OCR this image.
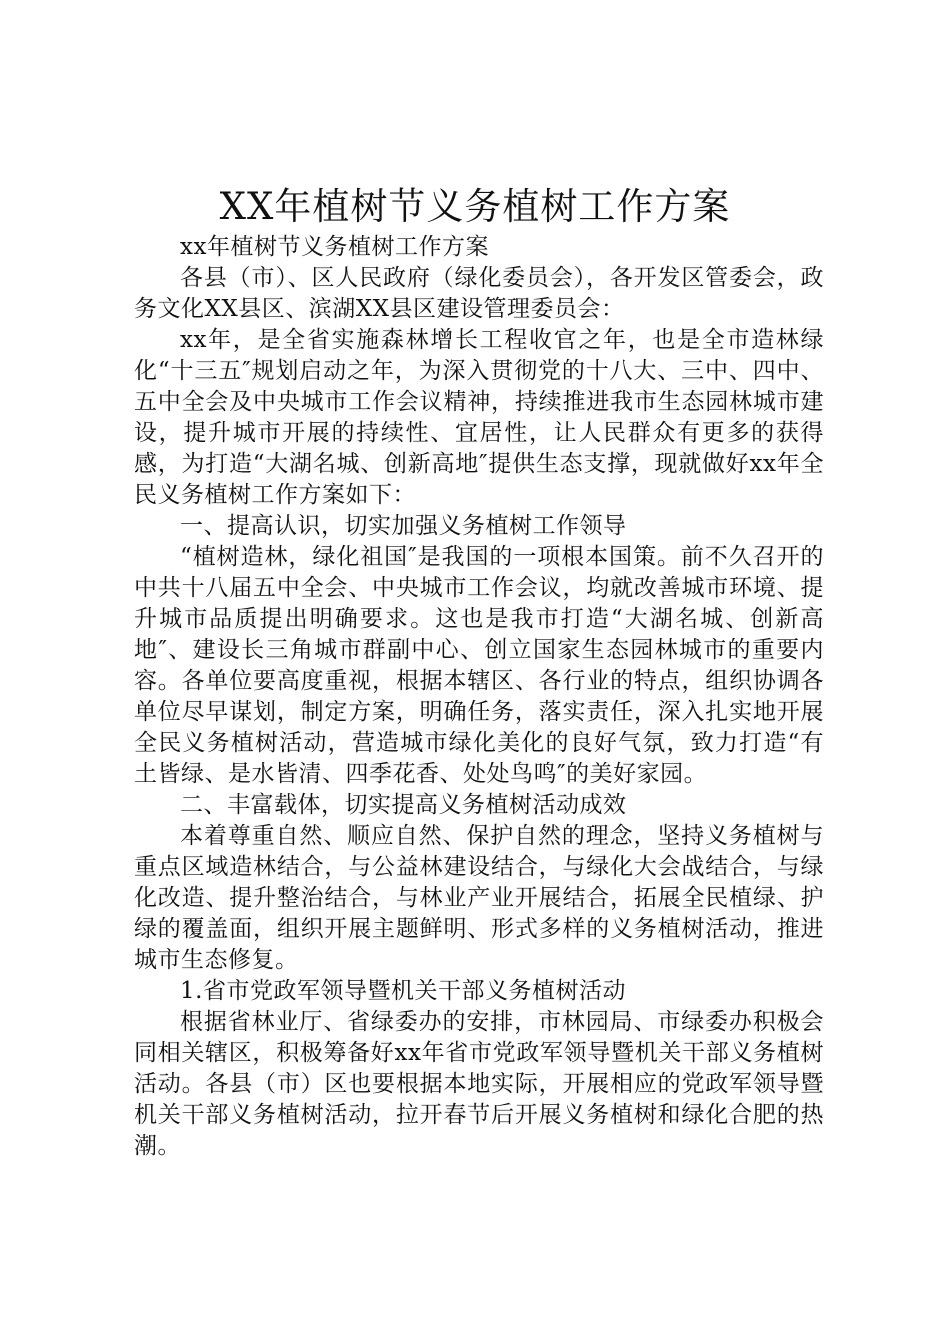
XX年植树节义务植树工作方案

xx年植树节义务植树工作方案

各县（市）、区人民政府（绿化委员会），各开发区管委会，政务文化XX县区、滨湖XX县区建设管理委员会：

xx年，是全省实施森林增长工程收官之年，也是全市造林绿化“十三五″规划启动之年，为深入贯彻党的十八大、三中、四中、五中全会及中央城市工作会议精神，持续推进我市生态园林城市建设，提升城市开展的持续性、宜居性，让人民群众有更多的获得感，为打造“大湖名城、创新高地″提供生态支撑，现就做好xx年全民义务植树工作方案如下：

一、提高认识，切实加强义务植树工作领导

“植树造林，绿化祖国″是我国的一项根本国策。前不久召开的中共十八届五中全会、中央城市工作会议，均就改善城市环境、提升城市品质提出明确要求。这也是我市打造“大湖名城、创新高地″、建设长三角城市群副中心、创立国家生态园林城市的重要内容。各单位要高度重视，根据本辖区、各行业的特点，组织协调各单位尽早谋划，制定方案，明确任务，落实责任，深入扎实地开展全民义务植树活动，营造城市绿化美化的良好气氛，致力打造“有土皆绿、是水皆清、四季花香、处处鸟鸣″的美好家园。

二、丰富载体，切实提高义务植树活动成效

本着尊重自然、顺应自然、保护自然的理念，坚持义务植树与重点区域造林结合，与公益林建设结合，与绿化大会战结合，与绿化改造、提升整治结合，与林业产业开展结合，拓展全民植绿、护绿的覆盖面，组织开展主题鲜明、形式多样的义务植树活动，推进城市生态修复。

1.省市党政军领导暨机关干部义务植树活动

根据省林业厅、省绿委办的安排，市林园局、市绿委办积极会同相关辖区，积极筹备好xx年省市党政军领导暨机关干部义务植树活动。各县（市）区也要根据本地实际，开展相应的党政军领导暨机关干部义务植树活动，拉开春节后开展义务植树和绿化合肥的热潮。
